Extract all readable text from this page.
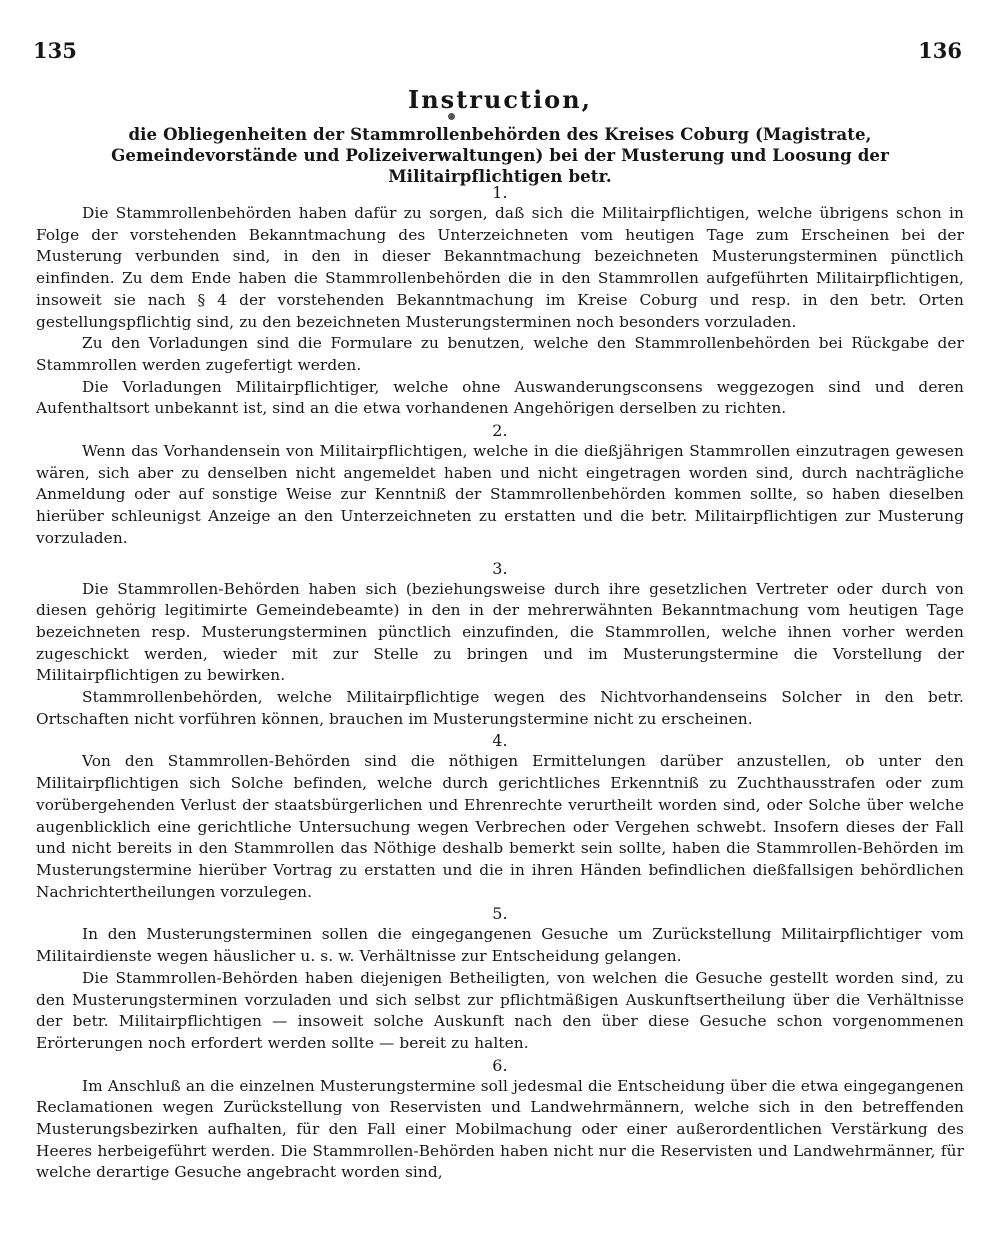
135	136
Instruction,
die Obliegenheiten der Stammrollenbehörden des Kreises Coburg (Magistrate, Gemeindevorstände und Polizeiverwaltungen) bei der Musterung und Loosung der Militairpflichtigen betr.
1.

Die Stammrollenbehörden haben dafür zu sorgen, daß sich die Militairpflichtigen, welche übrigens schon in Folge der vorstehenden Bekanntmachung des Unterzeichneten vom heutigen Tage zum Erscheinen bei der Musterung verbunden sind, in den in dieser Bekanntmachung bezeichneten Musterungsterminen pünctlich einfinden. Zu dem Ende haben die Stammrollenbehörden die in den Stammrollen aufgeführten Militairpflichtigen, insoweit sie nach § 4 der vorstehenden Bekanntmachung im Kreise Coburg und resp. in den betr. Orten gestellungspflichtig sind, zu den bezeichneten Musterungsterminen noch besonders vorzuladen.

Zu den Vorladungen sind die Formulare zu benutzen, welche den Stammrollenbehörden bei Rückgabe der Stammrollen werden zugefertigt werden.

Die Vorladungen Militairpflichtiger, welche ohne Auswanderungsconsens weggezogen sind und deren Aufenthaltsort unbekannt ist, sind an die etwa vorhandenen Angehörigen derselben zu richten.

2.

Wenn das Vorhandensein von Militairpflichtigen, welche in die dießjährigen Stammrollen einzutragen gewesen wären, sich aber zu denselben nicht angemeldet haben und nicht eingetragen worden sind, durch nachträgliche Anmeldung oder auf sonstige Weise zur Kenntniß der Stammrollenbehörden kommen sollte, so haben dieselben hierüber schleunigst Anzeige an den Unterzeichneten zu erstatten und die betr. Militairpflichtigen zur Musterung vorzuladen.

3.

Die Stammrollen-Behörden haben sich (beziehungsweise durch ihre gesetzlichen Vertreter oder durch von diesen gehörig legitimirte Gemeindebeamte) in den in der mehrerwähnten Bekanntmachung vom heutigen Tage bezeichneten resp. Musterungsterminen pünctlich einzufinden, die Stammrollen, welche ihnen vorher werden zugeschickt werden, wieder mit zur Stelle zu bringen und im Musterungstermine die Vorstellung der Militairpflichtigen zu bewirken.

Stammrollenbehörden, welche Militairpflichtige wegen des Nichtvorhandenseins Solcher in den betr. Ortschaften nicht vorführen können, brauchen im Musterungstermine nicht zu erscheinen.

4.

Von den Stammrollen-Behörden sind die nöthigen Ermittelungen darüber anzustellen, ob unter den Militairpflichtigen sich Solche befinden, welche durch gerichtliches Erkenntniß zu Zuchthausstrafen oder zum vorübergehenden Verlust der staatsbürgerlichen und Ehrenrechte verurtheilt worden sind, oder Solche über welche augenblicklich eine gerichtliche Untersuchung wegen Verbrechen oder Vergehen schwebt. Insofern dieses der Fall und nicht bereits in den Stammrollen das Nöthige deshalb bemerkt sein sollte, haben die Stammrollen-Behörden im Musterungstermine hierüber Vortrag zu erstatten und die in ihren Händen befindlichen dießfallsigen behördlichen Nachrichtertheilungen vorzulegen.

5.

In den Musterungsterminen sollen die eingegangenen Gesuche um Zurückstellung Militairpflichtiger vom Militairdienste wegen häuslicher u. s. w. Verhältnisse zur Entscheidung gelangen.

Die Stammrollen-Behörden haben diejenigen Betheiligten, von welchen die Gesuche gestellt worden sind, zu den Musterungsterminen vorzuladen und sich selbst zur pflichtmäßigen Auskunftsertheilung über die Verhältnisse der betr. Militairpflichtigen — insoweit solche Auskunft nach den über diese Gesuche schon vorgenommenen Erörterungen noch erfordert werden sollte — bereit zu halten.

6.

Im Anschluß an die einzelnen Musterungstermine soll jedesmal die Entscheidung über die etwa eingegangenen Reclamationen wegen Zurückstellung von Reservisten und Landwehrmännern, welche sich in den betreffenden Musterungsbezirken aufhalten, für den Fall einer Mobilmachung oder einer außerordentlichen Verstärkung des Heeres herbeigeführt werden. Die Stammrollen-Behörden haben nicht nur die Reservisten und Landwehrmänner, für welche derartige Gesuche angebracht worden sind,
